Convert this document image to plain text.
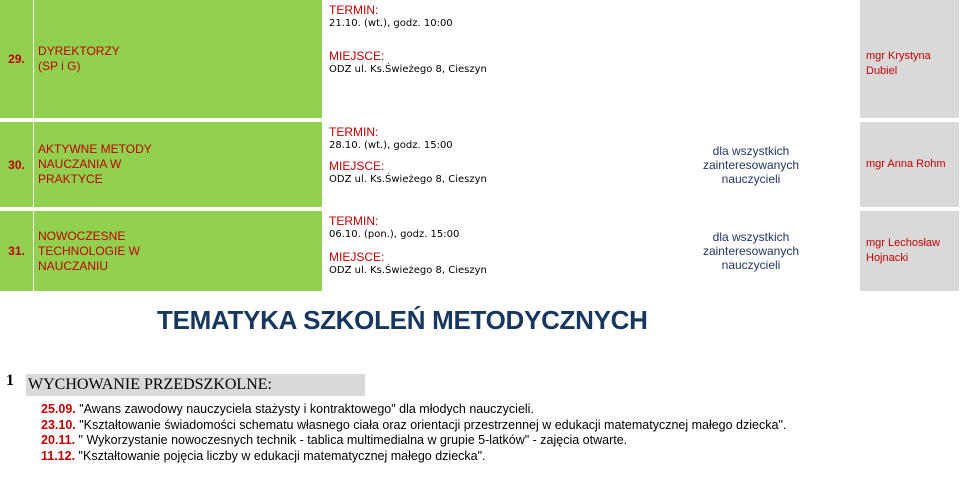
29.
DYREKTORZY
(SP i G)
TERMIN:
21.10. (wt.), godz. 10:00
MIEJSCE:
ODZ ul. Ks.Świeżego 8, Cieszyn
mgr Krystyna
Dubiel
30.
AKTYWNE METODY
NAUCZANIA W
PRAKTYCE
TERMIN:
28.10. (wt.), godz. 15:00
MIEJSCE:
ODZ ul. Ks.Świeżego 8, Cieszyn
dla wszystkich
zainteresowanych
nauczycieli
mgr Anna Rohm
31.
NOWOCZESNE
TECHNOLOGIE W
NAUCZANIU
TERMIN:
06.10. (pon.), godz. 15:00
MIEJSCE:
ODZ ul. Ks.Świeżego 8, Cieszyn
dla wszystkich
zainteresowanych
nauczycieli
mgr Lechosław
Hojnacki
TEMATYKA SZKOLEŃ METODYCZNYCH
1 WYCHOWANIE PRZEDSZKOLNE:

25.09. "Awans zawodowy nauczyciela stażysty i kontraktowego" dla młodych nauczycieli.

23.10. "Kształtowanie świadomości schematu własnego ciała oraz orientacji przestrzennej w edukacji matematycznej małego dziecka".

20.11. " Wykorzystanie nowoczesnych technik - tablica multimedialna w grupie 5-latków" - zajęcia otwarte.

11.12. "Kształtowanie pojęcia liczby w edukacji matematycznej małego dziecka".
